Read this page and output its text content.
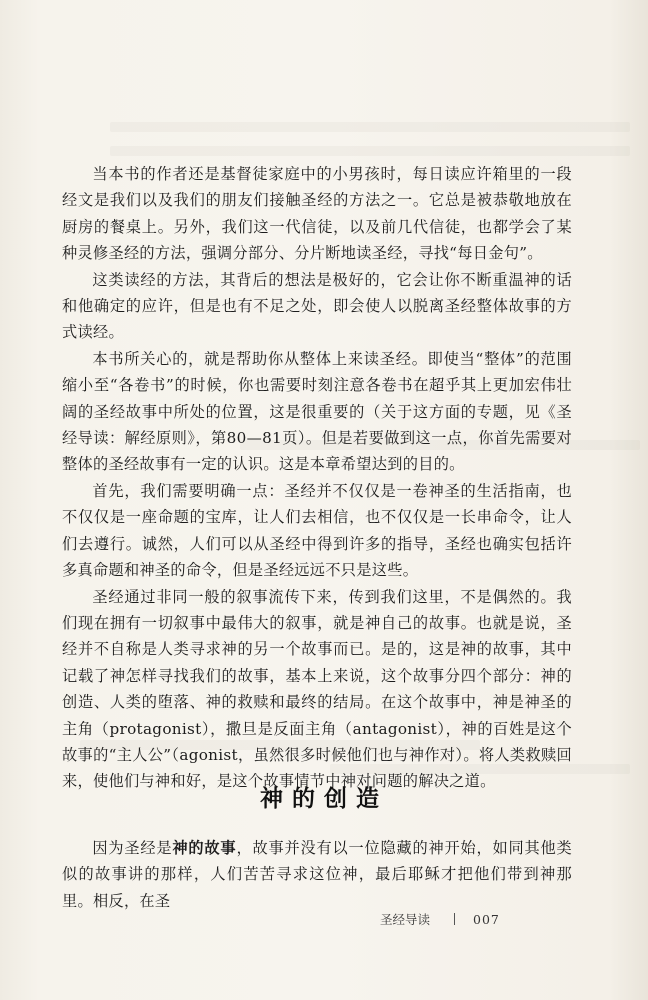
当本书的作者还是基督徒家庭中的小男孩时，每日读应许箱里的一段经文是我们以及我们的朋友们接触圣经的方法之一。它总是被恭敬地放在厨房的餐桌上。另外，我们这一代信徒，以及前几代信徒，也都学会了某种灵修圣经的方法，强调分部分、分片断地读圣经，寻找“每日金句”。

这类读经的方法，其背后的想法是极好的，它会让你不断重温神的话和他确定的应许，但是也有不足之处，即会使人以脱离圣经整体故事的方式读经。

本书所关心的，就是帮助你从整体上来读圣经。即使当“整体”的范围缩小至“各卷书”的时候，你也需要时刻注意各卷书在超乎其上更加宏伟壮阔的圣经故事中所处的位置，这是很重要的（关于这方面的专题，见《圣经导读：解经原则》，第80—81页）。但是若要做到这一点，你首先需要对整体的圣经故事有一定的认识。这是本章希望达到的目的。

首先，我们需要明确一点：圣经并不仅仅是一卷神圣的生活指南，也不仅仅是一座命题的宝库，让人们去相信，也不仅仅是一长串命令，让人们去遵行。诚然，人们可以从圣经中得到许多的指导，圣经也确实包括许多真命题和神圣的命令，但是圣经远远不只是这些。

圣经通过非同一般的叙事流传下来，传到我们这里，不是偶然的。我们现在拥有一切叙事中最伟大的叙事，就是神自己的故事。也就是说，圣经并不自称是人类寻求神的另一个故事而已。是的，这是神的故事，其中记载了神怎样寻找我们的故事，基本上来说，这个故事分四个部分：神的创造、人类的堕落、神的救赎和最终的结局。在这个故事中，神是神圣的主角（protagonist），撒旦是反面主角（antagonist），神的百姓是这个故事的“主人公”（agonist，虽然很多时候他们也与神作对）。将人类救赎回来，使他们与神和好，是这个故事情节中神对问题的解决之道。

神的创造

因为圣经是神的故事，故事并没有以一位隐藏的神开始，如同其他类似的故事讲的那样，人们苦苦寻求这位神，最后耶稣才把他们带到神那里。相反，在圣

圣经导读	007
